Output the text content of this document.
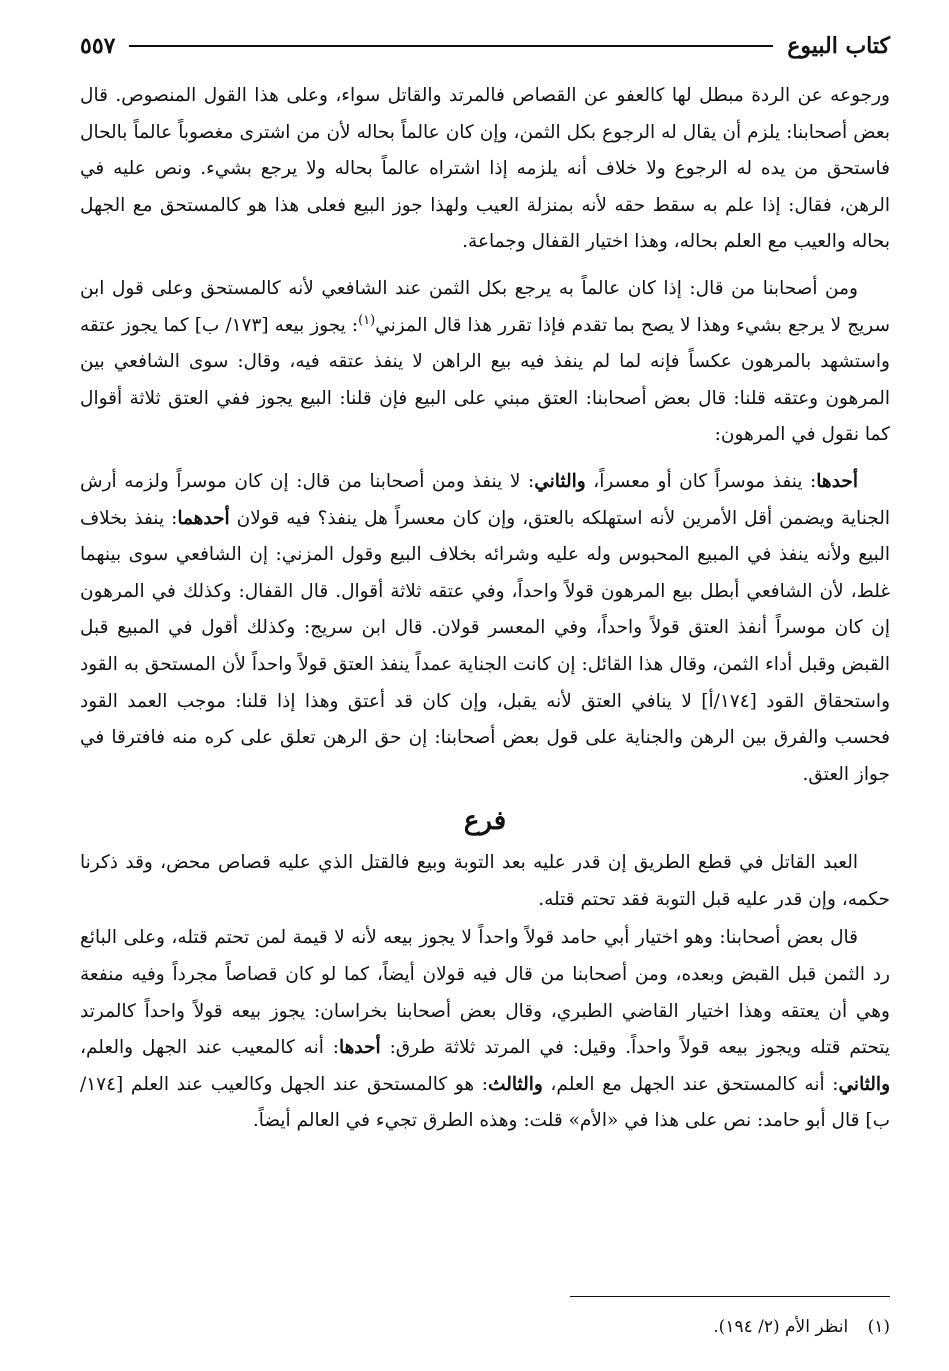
كتاب البيوع
٥٥٧

ورجوعه عن الردة مبطل لها كالعفو عن القصاص فالمرتد والقاتل سواء، وعلى هذا القول المنصوص. قال بعض أصحابنا: يلزم أن يقال له الرجوع بكل الثمن، وإن كان عالماً بحاله لأن من اشترى مغصوباً عالماً بالحال فاستحق من يده له الرجوع ولا خلاف أنه يلزمه إذا اشتراه عالماً بحاله ولا يرجع بشيء. ونص عليه في الرهن، فقال: إذا علم به سقط حقه لأنه بمنزلة العيب ولهذا جوز البيع فعلى هذا هو كالمستحق مع الجهل بحاله والعيب مع العلم بحاله، وهذا اختيار القفال وجماعة.

ومن أصحابنا من قال: إذا كان عالماً به يرجع بكل الثمن عند الشافعي لأنه كالمستحق وعلى قول ابن سريج لا يرجع بشيء وهذا لا يصح بما تقدم فإذا تقرر هذا قال المزني$^{(١)}$: يجوز بيعه [١٧٣/ ب] كما يجوز عتقه واستشهد بالمرهون عكساً فإنه لما لم ينفذ فيه بيع الراهن لا ينفذ عتقه فيه، وقال: سوى الشافعي بين المرهون وعتقه قلنا: قال بعض أصحابنا: العتق مبني على البيع فإن قلنا: البيع يجوز ففي العتق ثلاثة أقوال كما نقول في المرهون:

أحدها: ينفذ موسراً كان أو معسراً، والثاني: لا ينفذ ومن أصحابنا من قال: إن كان موسراً ولزمه أرش الجناية ويضمن أقل الأمرين لأنه استهلكه بالعتق، وإن كان معسراً هل ينفذ؟ فيه قولان أحدهما: ينفذ بخلاف البيع ولأنه ينفذ في المبيع المحبوس وله عليه وشرائه بخلاف البيع وقول المزني: إن الشافعي سوى بينهما غلط، لأن الشافعي أبطل بيع المرهون قولاً واحداً، وفي عتقه ثلاثة أقوال. قال القفال: وكذلك في المرهون إن كان موسراً أنفذ العتق قولاً واحداً، وفي المعسر قولان. قال ابن سريج: وكذلك أقول في المبيع قبل القبض وقبل أداء الثمن، وقال هذا القائل: إن كانت الجناية عمداً ينفذ العتق قولاً واحداً لأن المستحق به القود واستحقاق القود [١٧٤/أ] لا ينافي العتق لأنه يقبل، وإن كان قد أعتق وهذا إذا قلنا: موجب العمد القود فحسب والفرق بين الرهن والجناية على قول بعض أصحابنا: إن حق الرهن تعلق على كره منه فافترقا في جواز العتق.

فرع

العبد القاتل في قطع الطريق إن قدر عليه بعد التوبة وبيع فالقتل الذي عليه قصاص محض، وقد ذكرنا حكمه، وإن قدر عليه قبل التوبة فقد تحتم قتله.

قال بعض أصحابنا: وهو اختيار أبي حامد قولاً واحداً لا يجوز بيعه لأنه لا قيمة لمن تحتم قتله، وعلى البائع رد الثمن قبل القبض وبعده، ومن أصحابنا من قال فيه قولان أيضاً، كما لو كان قصاصاً مجرداً وفيه منفعة وهي أن يعتقه وهذا اختيار القاضي الطبري، وقال بعض أصحابنا بخراسان: يجوز بيعه قولاً واحداً كالمرتد يتحتم قتله ويجوز بيعه قولاً واحداً. وقيل: في المرتد ثلاثة طرق: أحدها: أنه كالمعيب عند الجهل والعلم، والثاني: أنه كالمستحق عند الجهل مع العلم، والثالث: هو كالمستحق عند الجهل وكالعيب عند العلم [١٧٤/ ب] قال أبو حامد: نص على هذا في «الأم» قلت: وهذه الطرق تجيء في العالم أيضاً.

(١) انظر الأم (٢/ ١٩٤).
